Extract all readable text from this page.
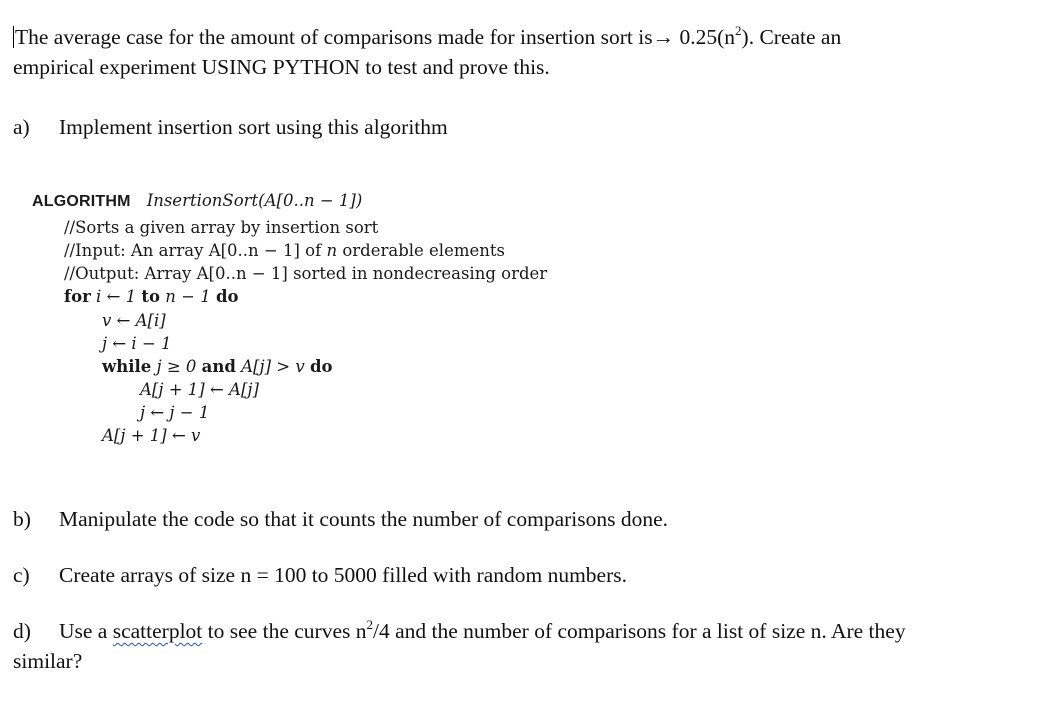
The average case for the amount of comparisons made for insertion sort $is\to 0.25(n^2)$. Create an

empirical experiment USING PYTHON to test and prove this.

a) Implement insertion sort using this algorithm

ALGORITHM InsertionSort(A[0..n − 1])
//Sorts a given array by insertion sort
//Input: An array A[0..n − 1] of n orderable elements
//Output: Array A[0..n − 1] sorted in nondecreasing order
for i ← 1 to n − 1 do
v ← A[i]
j ← i − 1
while j ≥ 0 and A[j] > v do
A[j + 1] ← A[j]
j ← j − 1
A[j + 1] ← v

b) Manipulate the code so that it counts the number of comparisons done.

c) Create arrays of size n = 100 to 5000 filled with random numbers.

d) Use a scatterplot to see the curves $n^2/4$ and the number of comparisons for a list of size n. Are they

similar?
